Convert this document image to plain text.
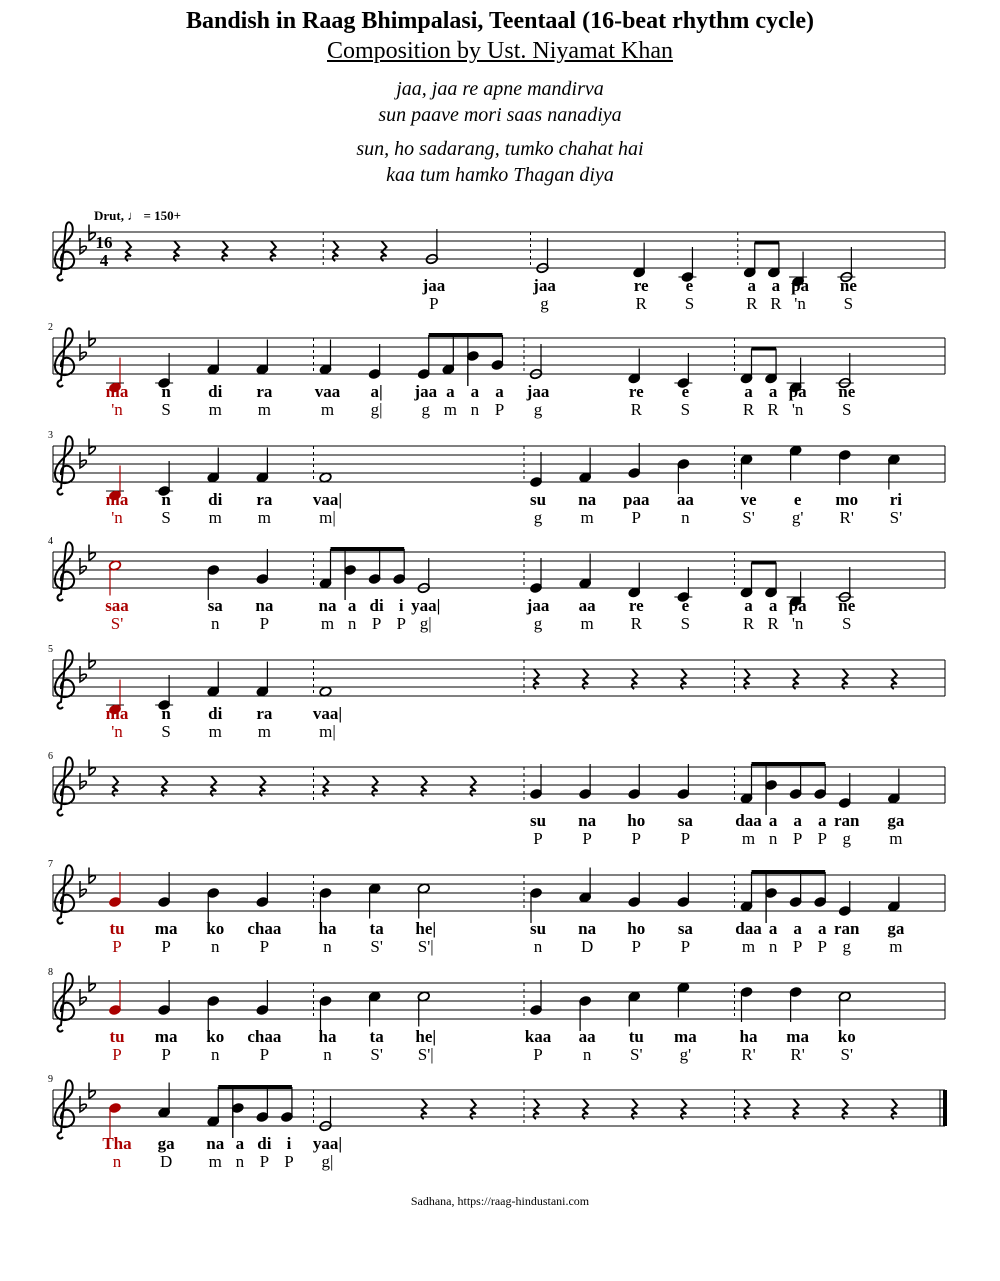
Bandish in Raag Bhimpalasi, Teentaal (16-beat rhythm cycle)
Composition by Ust. Niyamat Khan
jaa, jaa re apne mandirva
sun paave mori saas nanadiya
sun, ho sadarang, tumko chahat hai
kaa tum hamko Thagan diya
Drut, ♩ = 150+
16
4
jaa
P
jaa
g
re
R
e
S
a
R
a
R
pa
'n
ne
S
2
ma
'n
n
S
di
m
ra
m
vaa
m
a|
g|
jaa
g
a
m
a
n
a
P
jaa
g
re
R
e
S
a
R
a
R
pa
'n
ne
S
3
ma
'n
n
S
di
m
ra
m
vaa|
m|
su
g
na
m
paa
P
aa
n
ve
S'
e
g'
mo
R'
ri
S'
4
saa
S'
sa
n
na
P
na
m
a
n
di
P
i
P
yaa|
g|
jaa
g
aa
m
re
R
e
S
a
R
a
R
pa
'n
ne
S
5
ma
'n
n
S
di
m
ra
m
vaa|
m|
6
su
P
na
P
ho
P
sa
P
daa
m
a
n
a
P
a
P
ran
g
ga
m
7
tu
P
ma
P
ko
n
chaa
P
ha
n
ta
S'
he|
S'|
su
n
na
D
ho
P
sa
P
daa
m
a
n
a
P
a
P
ran
g
ga
m
8
tu
P
ma
P
ko
n
chaa
P
ha
n
ta
S'
he|
S'|
kaa
P
aa
n
tu
S'
ma
g'
ha
R'
ma
R'
ko
S'
9
Tha
n
ga
D
na
m
a
n
di
P
i
P
yaa|
g|
Sadhana, https://raag-hindustani.com
